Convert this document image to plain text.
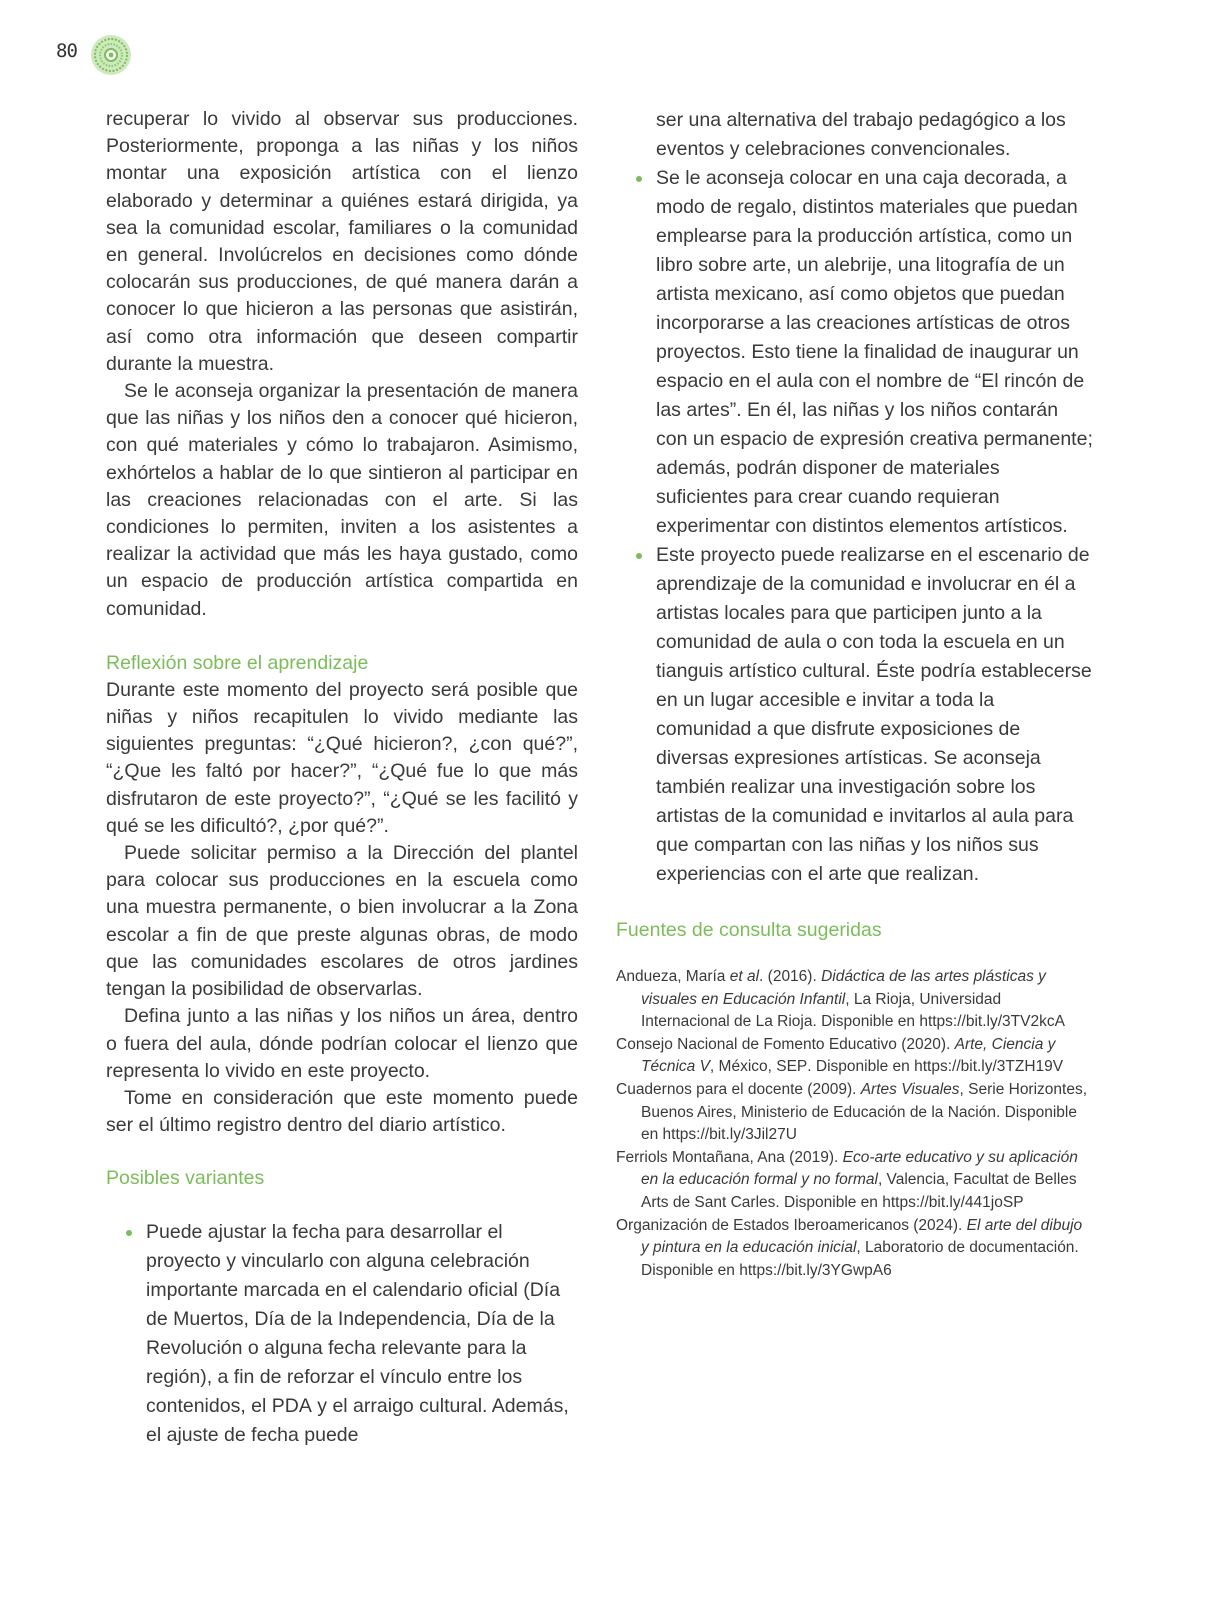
80

recuperar lo vivido al observar sus producciones. Posteriormente, proponga a las niñas y los niños montar una exposición artística con el lienzo elaborado y determinar a quiénes estará dirigida, ya sea la comunidad escolar, familiares o la comunidad en general. Involúcrelos en decisiones como dónde colocarán sus producciones, de qué manera darán a conocer lo que hicieron a las personas que asistirán, así como otra información que deseen compartir durante la muestra.

Se le aconseja organizar la presentación de manera que las niñas y los niños den a conocer qué hicieron, con qué materiales y cómo lo trabajaron. Asimismo, exhórtelos a hablar de lo que sintieron al participar en las creaciones relacionadas con el arte. Si las condiciones lo permiten, inviten a los asistentes a realizar la actividad que más les haya gustado, como un espacio de producción artística compartida en comunidad.

Reflexión sobre el aprendizaje

Durante este momento del proyecto será posible que niñas y niños recapitulen lo vivido mediante las siguientes preguntas: “¿Qué hicieron?, ¿con qué?”, “¿Que les faltó por hacer?”, “¿Qué fue lo que más disfrutaron de este proyecto?”, “¿Qué se les facilitó y qué se les dificultó?, ¿por qué?”.

Puede solicitar permiso a la Dirección del plantel para colocar sus producciones en la escuela como una muestra permanente, o bien involucrar a la Zona escolar a fin de que preste algunas obras, de modo que las comunidades escolares de otros jardines tengan la posibilidad de observarlas.

Defina junto a las niñas y los niños un área, dentro o fuera del aula, dónde podrían colocar el lienzo que representa lo vivido en este proyecto.

Tome en consideración que este momento puede ser el último registro dentro del diario artístico.

Posibles variantes
Puede ajustar la fecha para desarrollar el proyecto y vincularlo con alguna celebración importante marcada en el calendario oficial (Día de Muertos, Día de la Independencia, Día de la Revolución o alguna fecha relevante para la región), a fin de reforzar el vínculo entre los contenidos, el PDA y el arraigo cultural. Además, el ajuste de fecha puede
ser una alternativa del trabajo pedagógico a los eventos y celebraciones convencionales.
Se le aconseja colocar en una caja decorada, a modo de regalo, distintos materiales que puedan emplearse para la producción artística, como un libro sobre arte, un alebrije, una litografía de un artista mexicano, así como objetos que puedan incorporarse a las creaciones artísticas de otros proyectos. Esto tiene la finalidad de inaugurar un espacio en el aula con el nombre de “El rincón de las artes”. En él, las niñas y los niños contarán con un espacio de expresión creativa permanente; además, podrán disponer de materiales suficientes para crear cuando requieran experimentar con distintos elementos artísticos.
Este proyecto puede realizarse en el escenario de aprendizaje de la comunidad e involucrar en él a artistas locales para que participen junto a la comunidad de aula o con toda la escuela en un tianguis artístico cultural. Éste podría establecerse en un lugar accesible e invitar a toda la comunidad a que disfrute exposiciones de diversas expresiones artísticas. Se aconseja también realizar una investigación sobre los artistas de la comunidad e invitarlos al aula para que compartan con las niñas y los niños sus experiencias con el arte que realizan.
Fuentes de consulta sugeridas

Andueza, María et al. (2016). Didáctica de las artes plásticas y visuales en Educación Infantil, La Rioja, Universidad Internacional de La Rioja. Disponible en https://bit.ly/3TV2kcA

Consejo Nacional de Fomento Educativo (2020). Arte, Ciencia y Técnica V, México, SEP. Disponible en https://bit.ly/3TZH19V

Cuadernos para el docente (2009). Artes Visuales, Serie Horizontes, Buenos Aires, Ministerio de Educación de la Nación. Disponible en https://bit.ly/3Jil27U

Ferriols Montañana, Ana (2019). Eco-arte educativo y su aplicación en la educación formal y no formal, Valencia, Facultat de Belles Arts de Sant Carles. Disponible en https://bit.ly/441joSP

Organización de Estados Iberoamericanos (2024). El arte del dibujo y pintura en la educación inicial, Laboratorio de documentación. Disponible en https://bit.ly/3YGwpA6
